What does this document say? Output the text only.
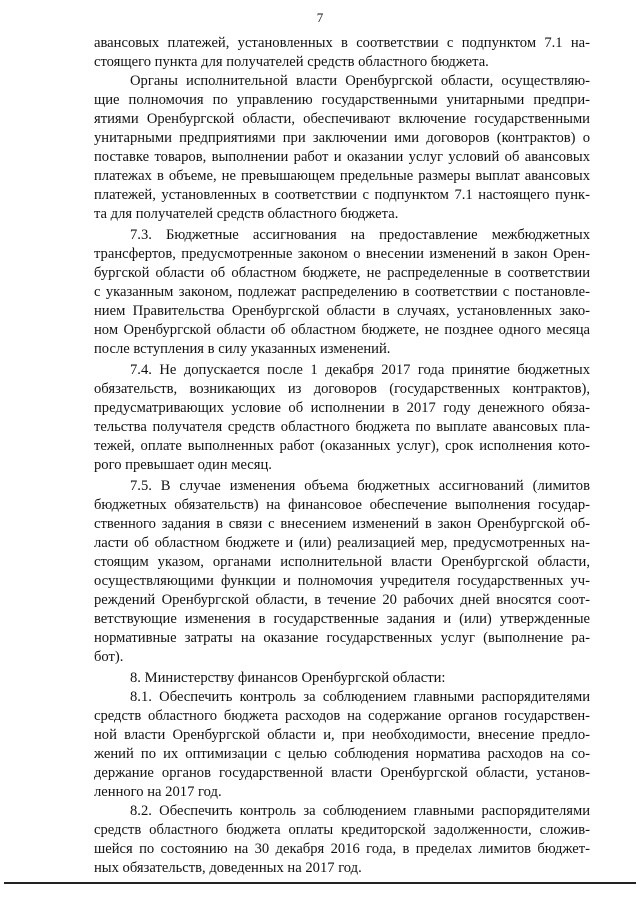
7
авансовых платежей, установленных в соответствии с подпунктом 7.1 на-
стоящего пункта для получателей средств областного бюджета.
Органы исполнительной власти Оренбургской области, осуществляю-
щие полномочия по управлению государственными унитарными предпри-
ятиями Оренбургской области, обеспечивают включение государственными
унитарными предприятиями при заключении ими договоров (контрактов) о
поставке товаров, выполнении работ и оказании услуг условий об авансовых
платежах в объеме, не превышающем предельные размеры выплат авансовых
платежей, установленных в соответствии с подпунктом 7.1 настоящего пунк-
та для получателей средств областного бюджета.
7.3. Бюджетные ассигнования на предоставление межбюджетных
трансфертов, предусмотренные законом о внесении изменений в закон Орен-
бургской области об областном бюджете, не распределенные в соответствии
с указанным законом, подлежат распределению в соответствии с постановле-
нием Правительства Оренбургской области в случаях, установленных зако-
ном Оренбургской области об областном бюджете, не позднее одного месяца
после вступления в силу указанных изменений.
7.4. Не допускается после 1 декабря 2017 года принятие бюджетных
обязательств, возникающих из договоров (государственных контрактов),
предусматривающих условие об исполнении в 2017 году денежного обяза-
тельства получателя средств областного бюджета по выплате авансовых пла-
тежей, оплате выполненных работ (оказанных услуг), срок исполнения кото-
рого превышает один месяц.
7.5. В случае изменения объема бюджетных ассигнований (лимитов
бюджетных обязательств) на финансовое обеспечение выполнения государ-
ственного задания в связи с внесением изменений в закон Оренбургской об-
ласти об областном бюджете и (или) реализацией мер, предусмотренных на-
стоящим указом, органами исполнительной власти Оренбургской области,
осуществляющими функции и полномочия учредителя государственных уч-
реждений Оренбургской области, в течение 20 рабочих дней вносятся соот-
ветствующие изменения в государственные задания и (или) утвержденные
нормативные затраты на оказание государственных услуг (выполнение ра-
бот).
8. Министерству финансов Оренбургской области:
8.1. Обеспечить контроль за соблюдением главными распорядителями
средств областного бюджета расходов на содержание органов государствен-
ной власти Оренбургской области и, при необходимости, внесение предло-
жений по их оптимизации с целью соблюдения норматива расходов на со-
держание органов государственной власти Оренбургской области, установ-
ленного на 2017 год.
8.2. Обеспечить контроль за соблюдением главными распорядителями
средств областного бюджета оплаты кредиторской задолженности, сложив-
шейся по состоянию на 30 декабря 2016 года, в пределах лимитов бюджет-
ных обязательств, доведенных на 2017 год.
